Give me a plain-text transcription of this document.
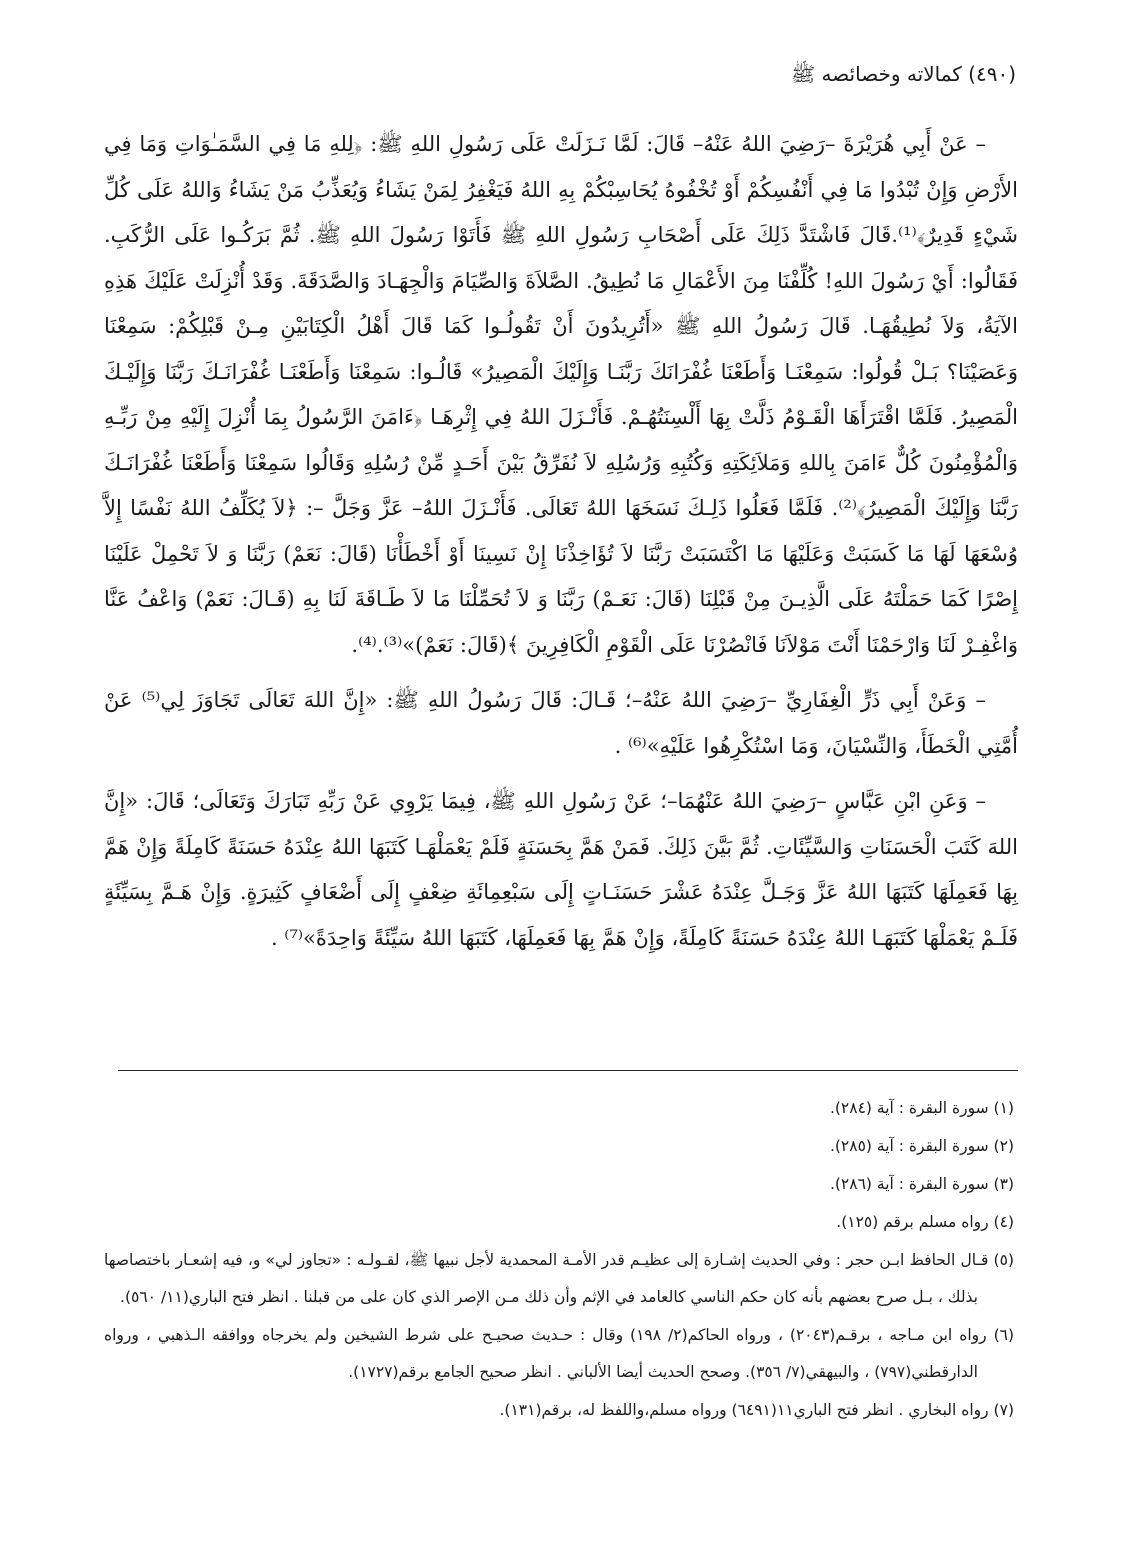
(٤٩٠) كمالاته وخصائصه ﷺ

– عَنْ أَبِي هُرَيْرَةَ –رَضِيَ اللهُ عَنْهُ– قَالَ: لَمَّا نَـزَلَتْ عَلَى رَسُولِ اللهِ ﷺ: ﴿لِلهِ مَا فِي السَّمَـٰوَاتِ وَمَا فِي الأَرْضِ وَإِنْ تُبْدُوا مَا فِي أَنْفُسِكُمْ أَوْ تُخْفُوهُ يُحَاسِبْكُمْ بِهِ اللهُ فَيَغْفِرُ لِمَنْ يَشَاءُ وَيُعَذِّبُ مَنْ يَشَاءُ وَاللهُ عَلَى كُلِّ شَيْءٍ قَدِيرٌ﴾⁽¹⁾.قَالَ فَاشْتَدَّ ذَلِكَ عَلَى أَصْحَابِ رَسُولِ اللهِ ﷺ فَأَتَوْا رَسُولَ اللهِ ﷺ. ثُمَّ بَرَكُـوا عَلَى الرُّكَبِ. فَقَالُوا: أَيْ رَسُولَ اللهِ! كُلِّفْنَا مِنَ الأَعْمَالِ مَا نُطِيقُ. الصَّلاَةَ وَالصِّيَامَ وَالْجِهَـادَ وَالصَّدَقَةَ. وَقَدْ أُنْزِلَتْ عَلَيْكَ هَذِهِ الآيَةُ، وَلاَ نُطِيقُهَـا. قَالَ رَسُولُ اللهِ ﷺ «أَتُرِيدُونَ أَنْ تَقُولُـوا كَمَا قَالَ أَهْلُ الْكِتَابَيْنِ مِـنْ قَبْلِكُمْ: سَمِعْنَا وَعَصَيْنَا؟ بَـلْ قُولُوا: سَمِعْنَـا وَأَطَعْنَا غُفْرَانَكَ رَبَّنَـا وَإِلَيْكَ الْمَصِيرُ» قَالُـوا: سَمِعْنَا وَأَطَعْنَـا غُفْرَانَـكَ رَبَّنَا وَإِلَيْـكَ الْمَصِيرُ. فَلَمَّا اقْتَرَأَهَا الْقَـوْمُ ذَلَّتْ بِهَا أَلْسِنَتُهُـمْ. فَأَنْـزَلَ اللهُ فِي إِثْرِهَـا ﴿ءَامَنَ الرَّسُولُ بِمَا أُنْزِلَ إِلَيْهِ مِنْ رَبِّـهِ وَالْمُؤْمِنُونَ كُلٌّ ءَامَنَ بِاللهِ وَمَلاَئِكَتِهِ وَكُتُبِهِ وَرُسُلِهِ لاَ نُفَرِّقُ بَيْنَ أَحَـدٍ مِّنْ رُسُلِهِ وَقَالُوا سَمِعْنَا وَأَطَعْنَا غُفْرَانَـكَ رَبَّنَا وَإِلَيْكَ الْمَصِيرُ﴾⁽²⁾. فَلَمَّا فَعَلُوا ذَلِـكَ نَسَخَهَا اللهُ تَعَالَى. فَأَنْـزَلَ اللهُ– عَزَّ وَجَلَّ –: ﴿لاَ يُكَلِّفُ اللهُ نَفْسًا إِلاَّ وُسْعَهَا لَهَا مَا كَسَبَتْ وَعَلَيْهَا مَا اكْتَسَبَتْ رَبَّنَا لاَ تُؤَاخِذْنَا إِنْ نَسِينَا أَوْ أَخْطَأْنَا (قَالَ: نَعَمْ) رَبَّنَا وَ لاَ تَحْمِلْ عَلَيْنَا إِصْرًا كَمَا حَمَلْتَهُ عَلَى الَّذِيـنَ مِنْ قَبْلِنَا (قَالَ: نَعَـمْ) رَبَّنَا وَ لاَ تُحَمِّلْنَا مَا لاَ طَـاقَةَ لَنَا بِهِ (قَـالَ: نَعَمْ) وَاعْفُ عَنَّا وَاغْفِـرْ لَنَا وَارْحَمْنَا أَنْتَ مَوْلاَنَا فَانْصُرْنَا عَلَى الْقَوْمِ الْكَافِرِينَ ﴾(قَالَ: نَعَمْ)»⁽³⁾.⁽⁴⁾.

– وَعَنْ أَبِي ذَرٍّ الْغِفَارِيِّ –رَضِيَ اللهُ عَنْهُ–؛ قَـالَ: قَالَ رَسُولُ اللهِ ﷺ: «إِنَّ اللهَ تَعَالَى تَجَاوَزَ لِي⁽⁵⁾ عَنْ أُمَّتِي الْخَطَأَ، وَالنِّسْيَانَ، وَمَا اسْتُكْرِهُوا عَلَيْهِ»⁽⁶⁾ .

– وَعَنِ ابْنِ عَبَّاسٍ –رَضِيَ اللهُ عَنْهُمَا–؛ عَنْ رَسُولِ اللهِ ﷺ، فِيمَا يَرْوِي عَنْ رَبِّهِ تَبَارَكَ وَتَعَالَى؛ قَالَ: «إِنَّ اللهَ كَتَبَ الْحَسَنَاتِ وَالسَّيِّئَاتِ. ثُمَّ بَيَّنَ ذَلِكَ. فَمَنْ هَمَّ بِحَسَنَةٍ فَلَمْ يَعْمَلْهَـا كَتَبَهَا اللهُ عِنْدَهُ حَسَنَةً كَامِلَةً وَإِنْ هَمَّ بِهَا فَعَمِلَهَا كَتَبَهَا اللهُ عَزَّ وَجَـلَّ عِنْدَهُ عَشْرَ حَسَنَـاتٍ إِلَى سَبْعِمِائَةِ ضِعْفٍ إِلَى أَضْعَافٍ كَثِيرَةٍ. وَإِنْ هَـمَّ بِسَيِّئَةٍ فَلَـمْ يَعْمَلْهَا كَتَبَهَـا اللهُ عِنْدَهُ حَسَنَةً كَامِلَةً، وَإِنْ هَمَّ بِهَا فَعَمِلَهَا، كَتَبَهَا اللهُ سَيِّئَةً وَاحِدَةً»⁽⁷⁾ .

(١) سورة البقرة : آية (٢٨٤).
(٢) سورة البقرة : آية (٢٨٥).
(٣) سورة البقرة : آية (٢٨٦).
(٤) رواه مسلم برقم (١٢٥).
(٥) قـال الحافظ ابـن حجر : وفي الحديث إشـارة إلى عظيـم قدر الأمـة المحمدية لأجل نبيها ﷺ، لقـولـه : «تجاوز لي» و، فيه إشعـار باختصاصها بذلك ، بـل صرح بعضهم بأنه كان حكم الناسي كالعامد في الإثم وأن ذلك مـن الإصر الذي كان على من قبلنا . انظر فتح الباري(١١/ ٥٦٠).
(٦) رواه ابن مـاجه ، برقـم(٢٠٤٣) ، ورواه الحاكم(٢/ ١٩٨) وقال : حـديث صحيـح على شرط الشيخين ولم يخرجاه ووافقه الـذهبي ، ورواه الدارقطني(٧٩٧) ، والبيهقي(٧/ ٣٥٦). وصحح الحديث أيضا الألباني . انظر صحيح الجامع برقم(١٧٢٧).
(٧) رواه البخاري . انظر فتح الباري١١(٦٤٩١) ورواه مسلم،واللفظ له، برقم(١٣١).
